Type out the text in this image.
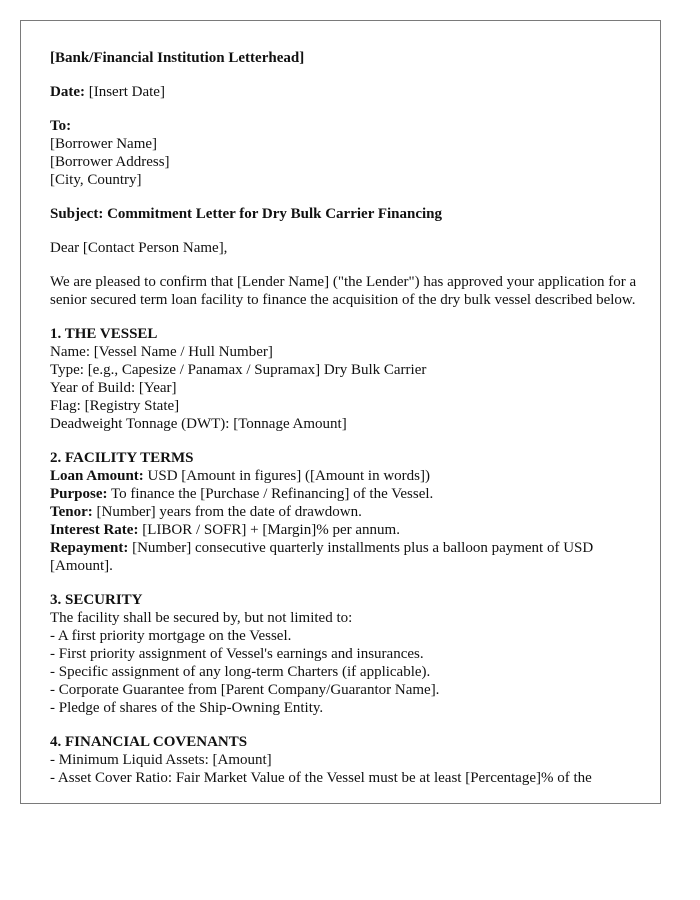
[Bank/Financial Institution Letterhead]
Date: [Insert Date]
To:
[Borrower Name]
[Borrower Address]
[City, Country]
Subject: Commitment Letter for Dry Bulk Carrier Financing
Dear [Contact Person Name],
We are pleased to confirm that [Lender Name] ("the Lender") has approved your application for a senior secured term loan facility to finance the acquisition of the dry bulk vessel described below.
1. THE VESSEL
Name: [Vessel Name / Hull Number]
Type: [e.g., Capesize / Panamax / Supramax] Dry Bulk Carrier
Year of Build: [Year]
Flag: [Registry State]
Deadweight Tonnage (DWT): [Tonnage Amount]
2. FACILITY TERMS
Loan Amount: USD [Amount in figures] ([Amount in words])
Purpose: To finance the [Purchase / Refinancing] of the Vessel.
Tenor: [Number] years from the date of drawdown.
Interest Rate: [LIBOR / SOFR] + [Margin]% per annum.
Repayment: [Number] consecutive quarterly installments plus a balloon payment of USD [Amount].
3. SECURITY
The facility shall be secured by, but not limited to:
- A first priority mortgage on the Vessel.
- First priority assignment of Vessel's earnings and insurances.
- Specific assignment of any long-term Charters (if applicable).
- Corporate Guarantee from [Parent Company/Guarantor Name].
- Pledge of shares of the Ship-Owning Entity.
4. FINANCIAL COVENANTS
- Minimum Liquid Assets: [Amount]
- Asset Cover Ratio: Fair Market Value of the Vessel must be at least [Percentage]% of the
